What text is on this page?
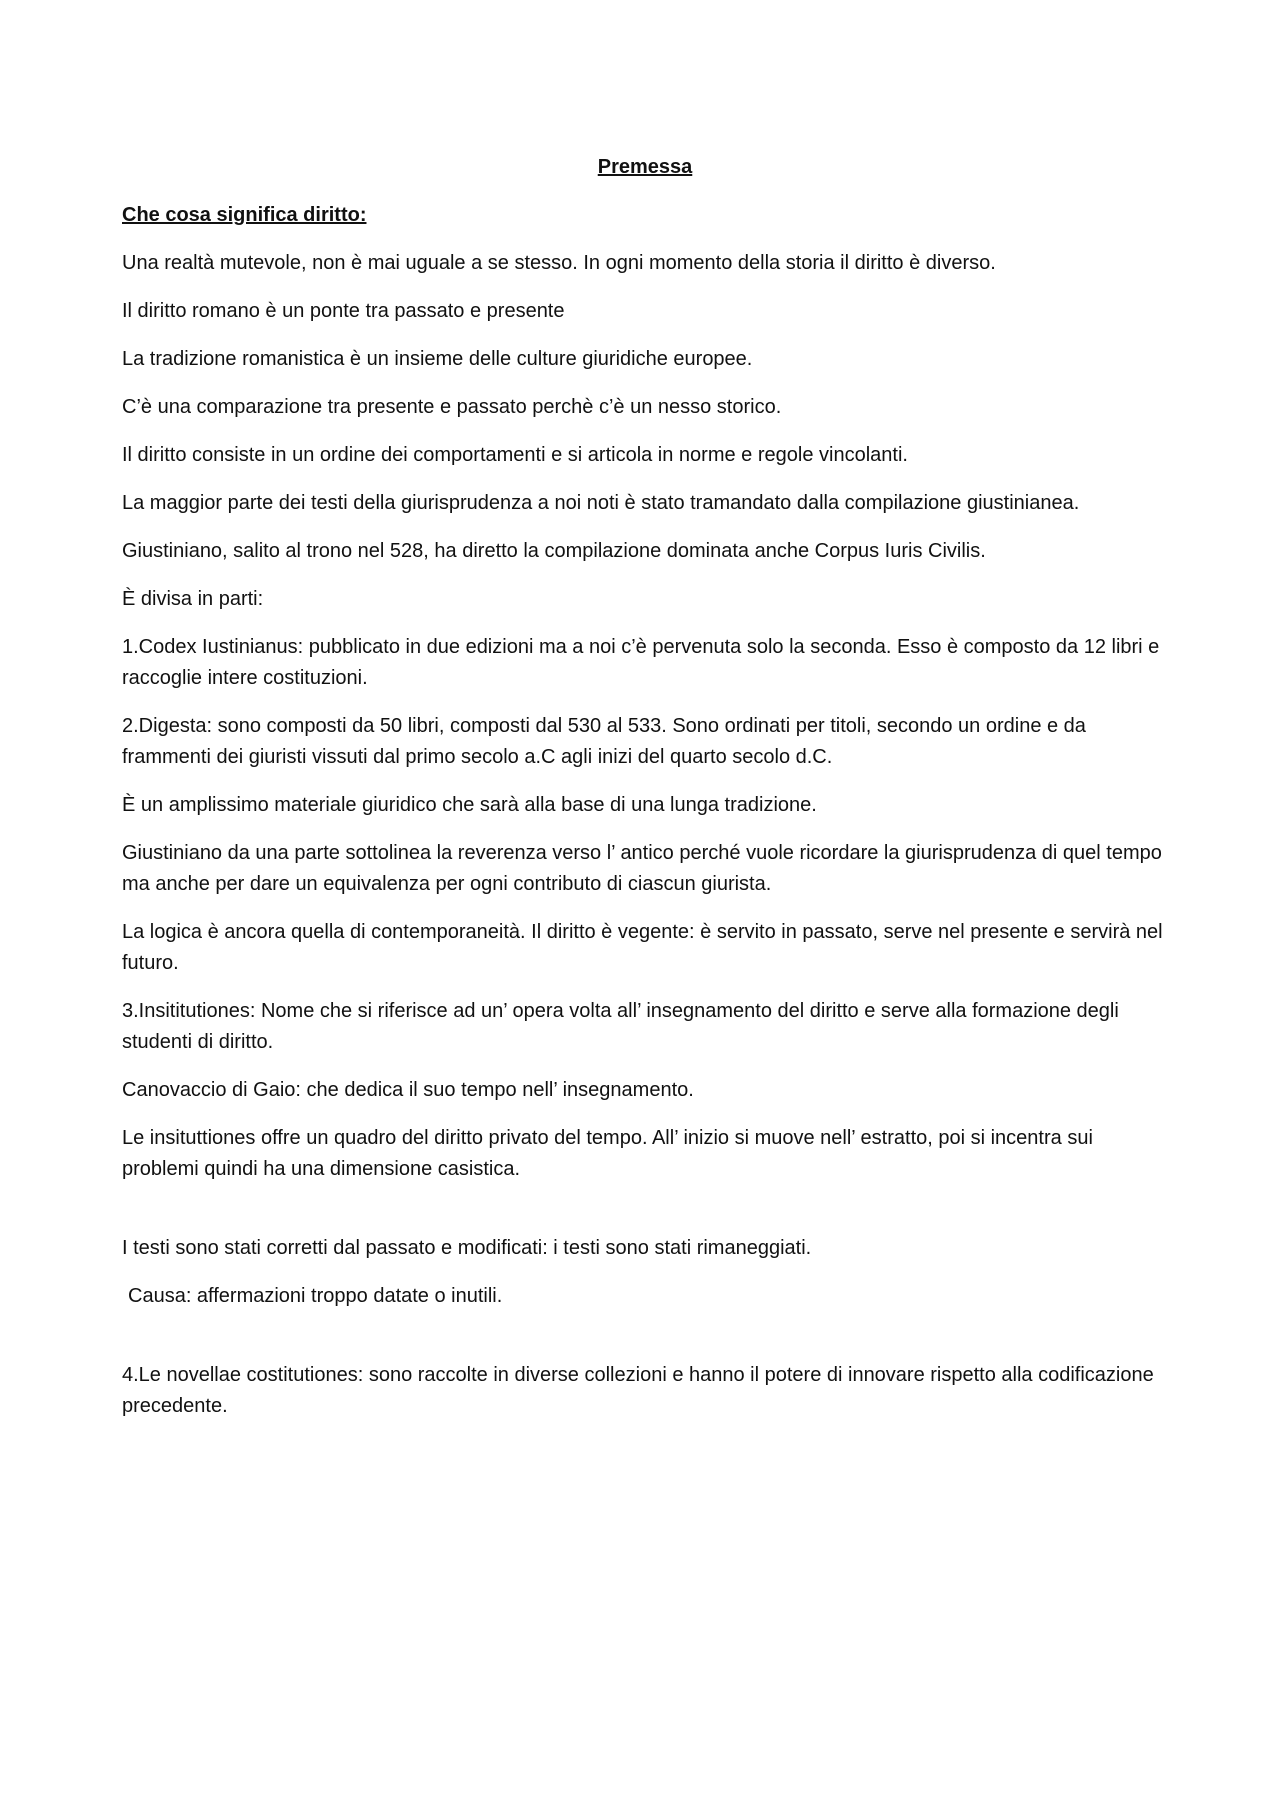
Premessa
Che cosa significa diritto:

Una realtà mutevole, non è mai uguale a se stesso. In ogni momento della storia il diritto è diverso.

Il diritto romano è un ponte tra passato e presente

La tradizione romanistica è un insieme delle culture giuridiche europee.

C’è una comparazione tra presente e passato perchè c’è un nesso storico.

Il diritto consiste in un ordine dei comportamenti e si articola in norme e regole vincolanti.

La maggior parte dei testi della giurisprudenza a noi noti è stato tramandato dalla compilazione giustinianea.

Giustiniano, salito al trono nel 528, ha diretto la compilazione dominata anche Corpus Iuris Civilis.

È divisa in parti:

1.Codex Iustinianus: pubblicato in due edizioni ma a noi c’è pervenuta solo la seconda. Esso è composto da 12 libri e raccoglie intere costituzioni.

2.Digesta: sono composti da 50 libri, composti dal 530 al 533. Sono ordinati per titoli, secondo un ordine e da frammenti dei giuristi vissuti dal primo secolo a.C agli inizi del quarto secolo d.C.

È un amplissimo materiale giuridico che sarà alla base di una lunga tradizione.

Giustiniano da una parte sottolinea la reverenza verso l’ antico perché vuole ricordare la giurisprudenza di quel tempo ma anche per dare un equivalenza per ogni contributo di ciascun giurista.

La logica è ancora quella di contemporaneità. Il diritto è vegente: è servito in passato, serve nel presente e servirà nel futuro.

3.Insititutiones: Nome che si riferisce ad un’ opera volta all’ insegnamento del diritto e serve alla formazione degli studenti di diritto.

Canovaccio di Gaio: che dedica il suo tempo nell’ insegnamento.

Le insituttiones offre un quadro del diritto privato del tempo. All’ inizio si muove nell’ estratto, poi si incentra sui problemi quindi ha una dimensione casistica.

I testi sono stati corretti dal passato e modificati: i testi sono stati rimaneggiati.

Causa: affermazioni troppo datate o inutili.

4.Le novellae costitutiones: sono raccolte in diverse collezioni e hanno il potere di innovare rispetto alla codificazione precedente.
